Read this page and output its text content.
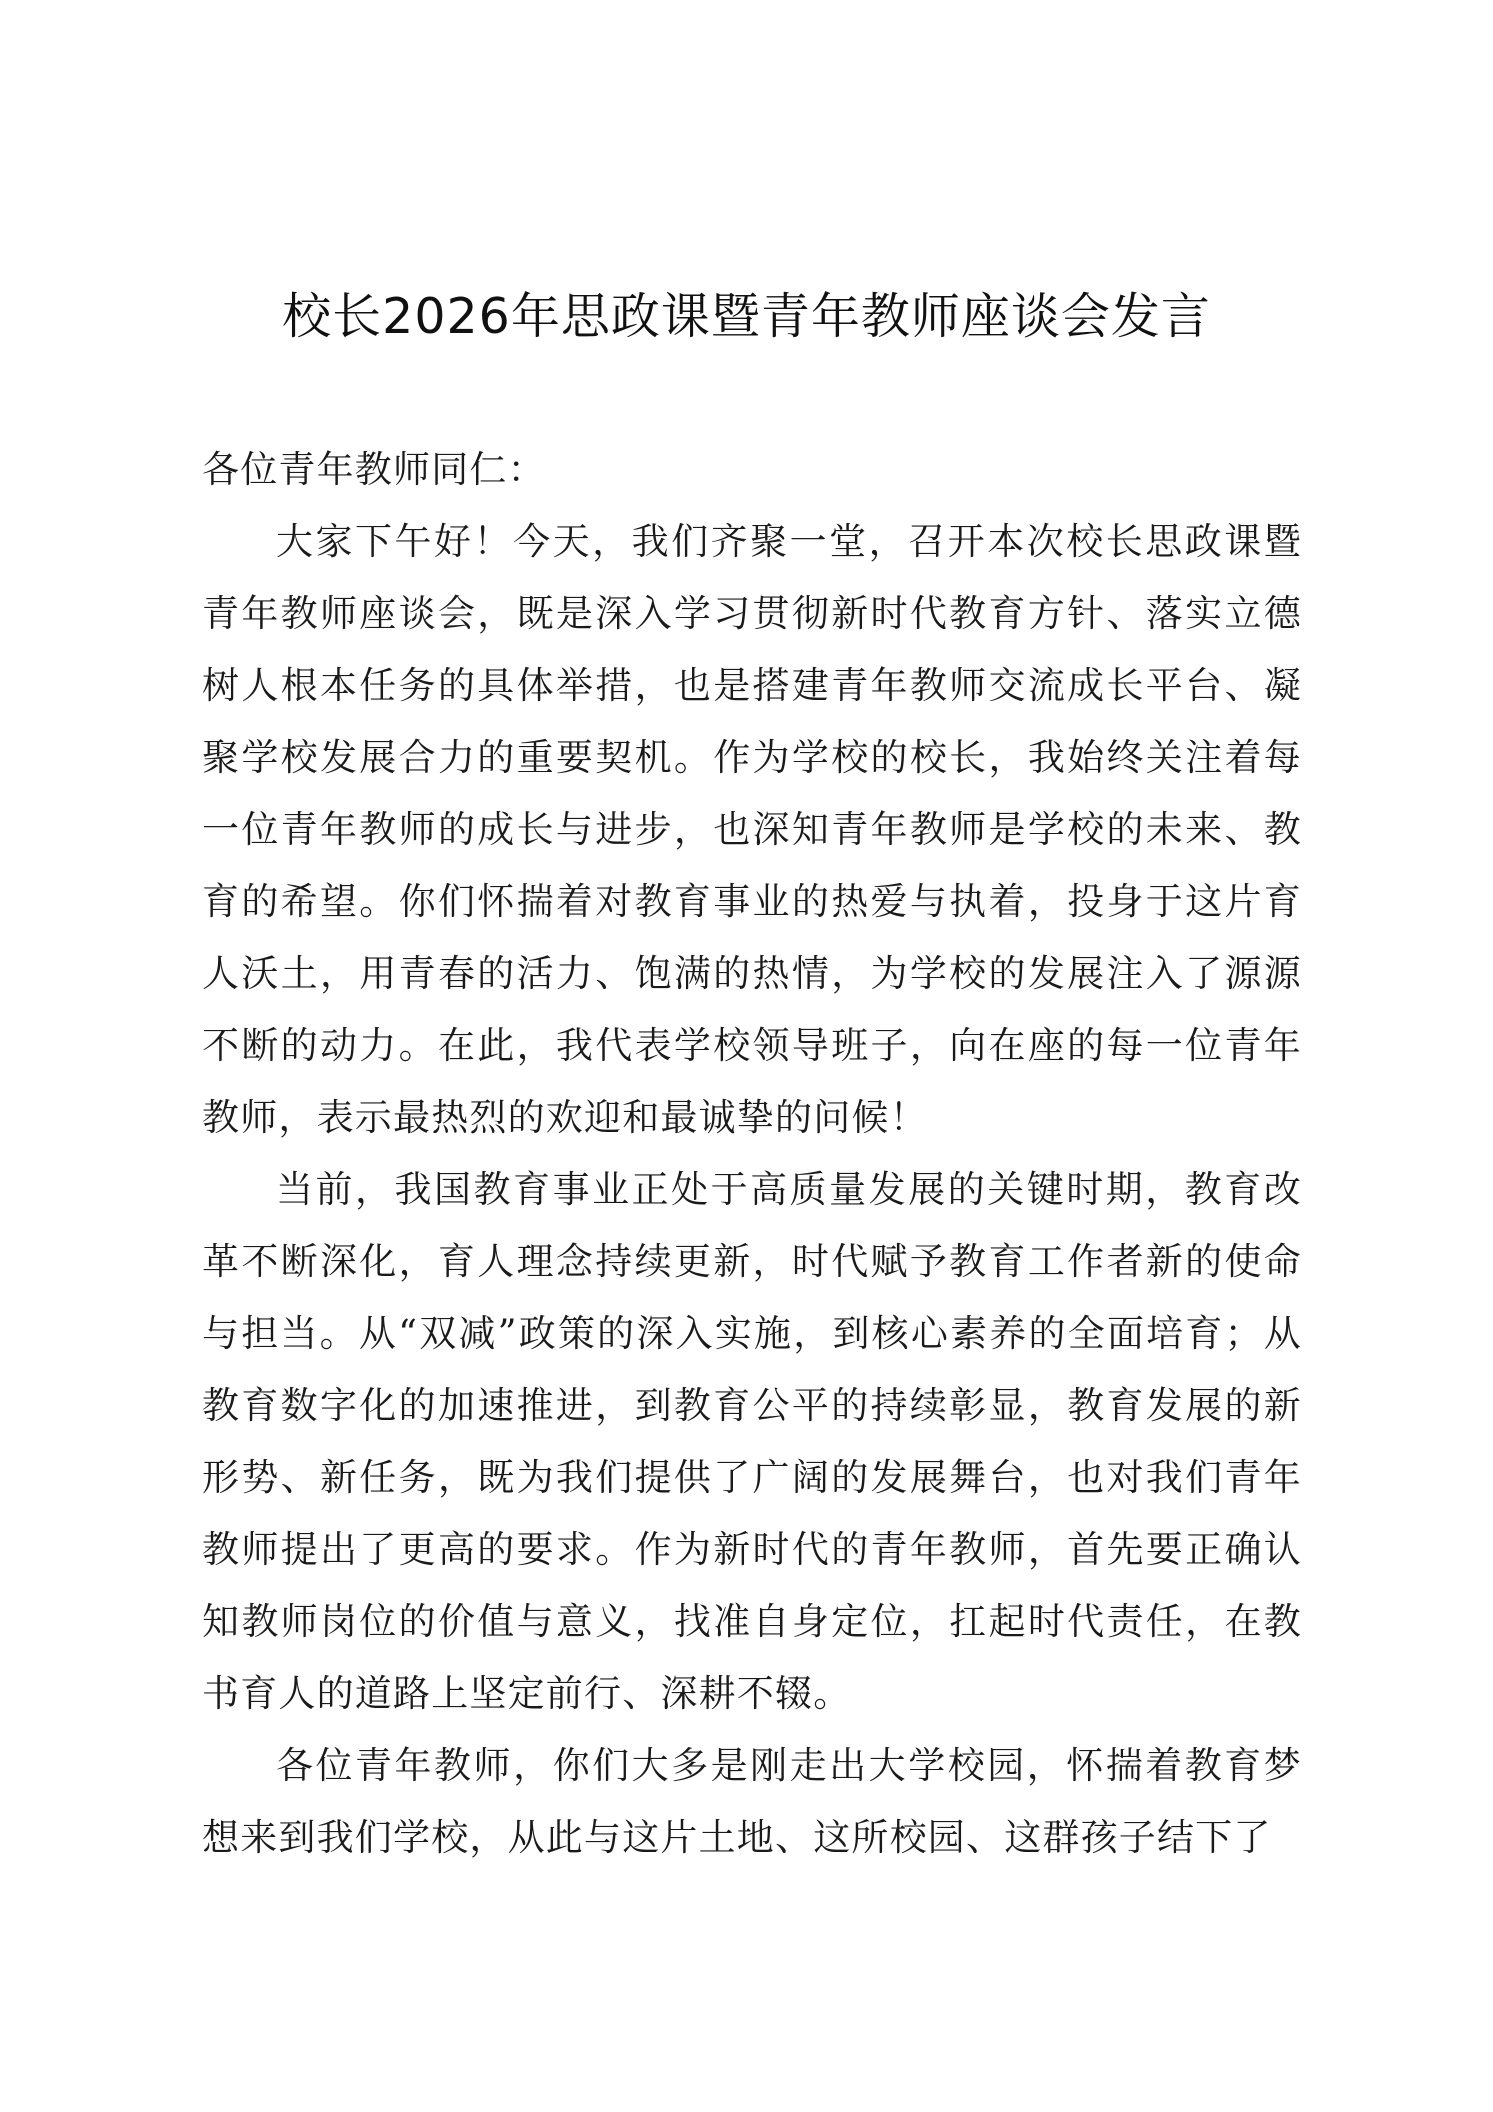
校长2026年思政课暨青年教师座谈会发言

各位青年教师同仁：

大家下午好！今天，我们齐聚一堂，召开本次校长思政课暨青年教师座谈会，既是深入学习贯彻新时代教育方针、落实立德树人根本任务的具体举措，也是搭建青年教师交流成长平台、凝聚学校发展合力的重要契机。作为学校的校长，我始终关注着每一位青年教师的成长与进步，也深知青年教师是学校的未来、教育的希望。你们怀揣着对教育事业的热爱与执着，投身于这片育人沃土，用青春的活力、饱满的热情，为学校的发展注入了源源不断的动力。在此，我代表学校领导班子，向在座的每一位青年教师，表示最热烈的欢迎和最诚挚的问候！

当前，我国教育事业正处于高质量发展的关键时期，教育改革不断深化，育人理念持续更新，时代赋予教育工作者新的使命与担当。从“双减”政策的深入实施，到核心素养的全面培育；从教育数字化的加速推进，到教育公平的持续彰显，教育发展的新形势、新任务，既为我们提供了广阔的发展舞台，也对我们青年教师提出了更高的要求。作为新时代的青年教师，首先要正确认知教师岗位的价值与意义，找准自身定位，扛起时代责任，在教书育人的道路上坚定前行、深耕不辍。

各位青年教师，你们大多是刚走出大学校园，怀揣着教育梦想来到我们学校，从此与这片土地、这所校园、这群孩子结下了
